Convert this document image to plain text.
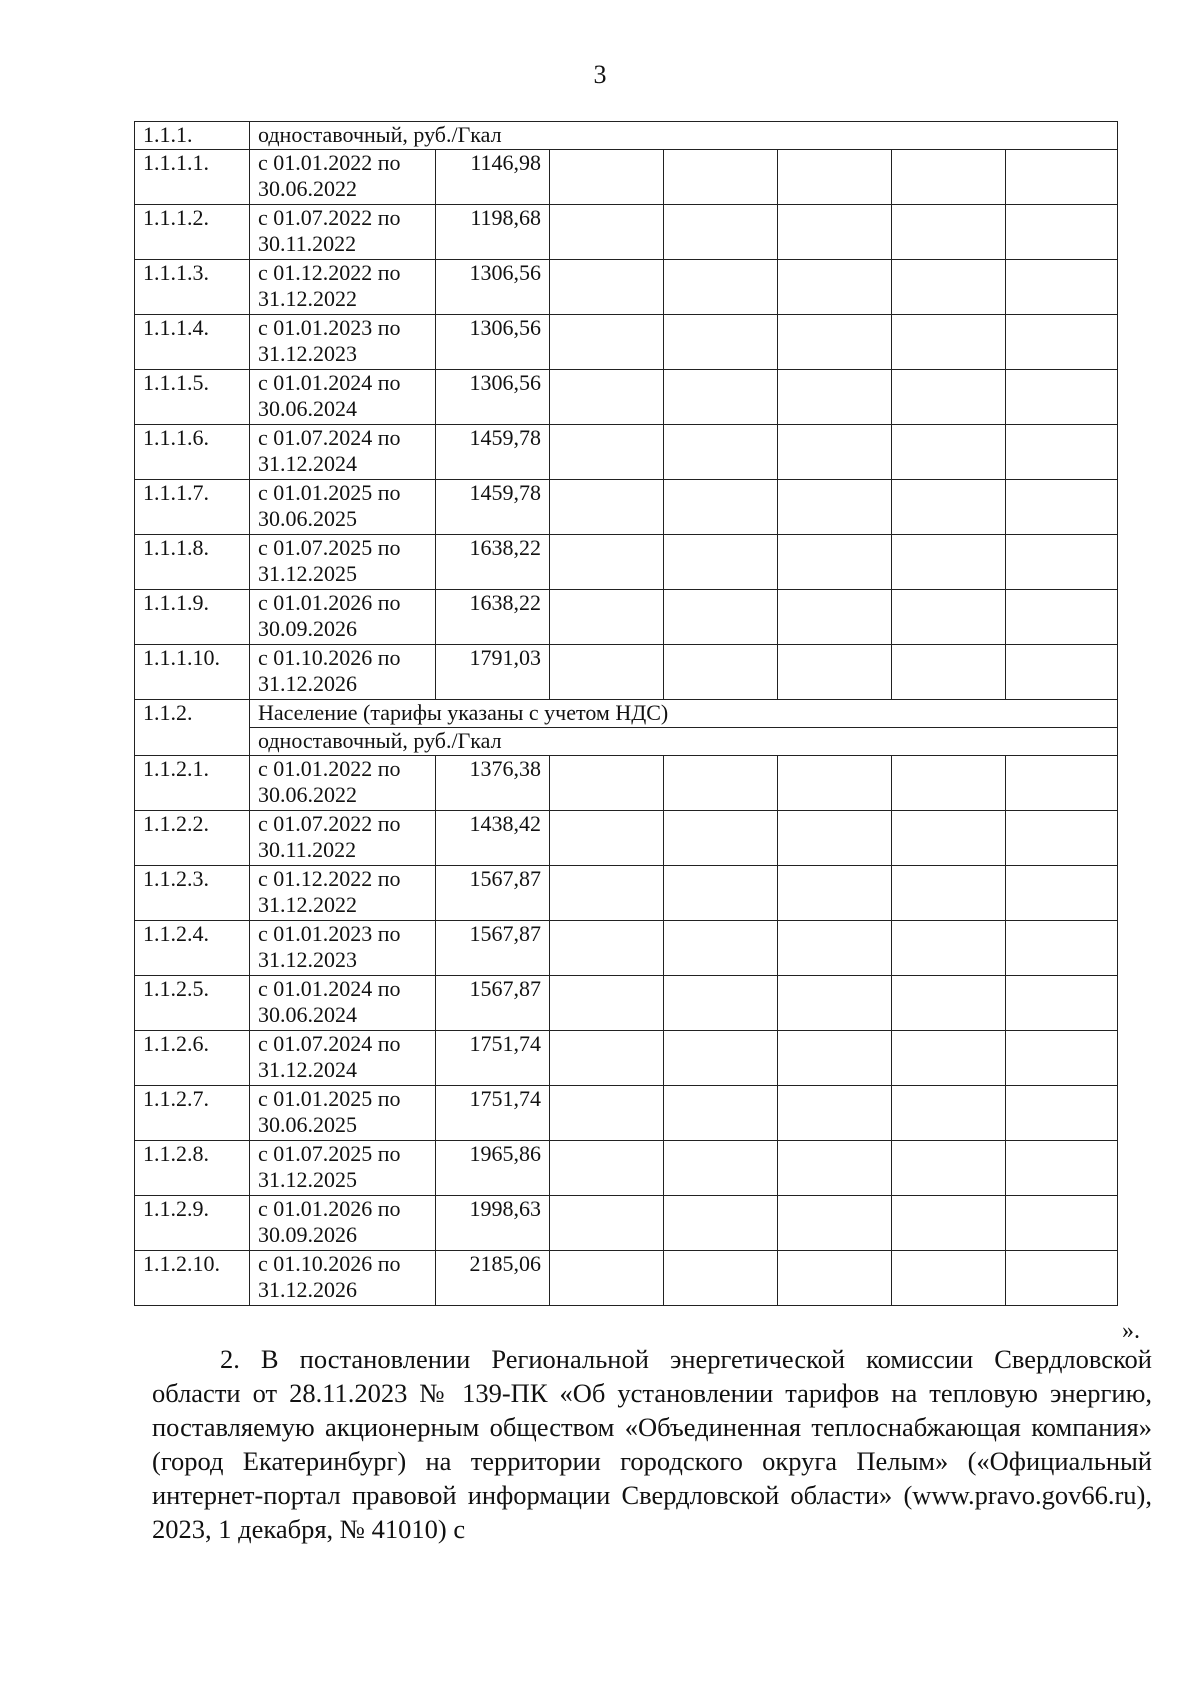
3
1.1.1.	одноставочный, руб./Гкал						
1.1.1.1.	с 01.01.2022 по 30.06.2022	1146,98					
1.1.1.2.	с 01.07.2022 по 30.11.2022	1198,68					
1.1.1.3.	с 01.12.2022 по 31.12.2022	1306,56					
1.1.1.4.	с 01.01.2023 по 31.12.2023	1306,56					
1.1.1.5.	с 01.01.2024 по 30.06.2024	1306,56					
1.1.1.6.	с 01.07.2024 по 31.12.2024	1459,78					
1.1.1.7.	с 01.01.2025 по 30.06.2025	1459,78					
1.1.1.8.	с 01.07.2025 по 31.12.2025	1638,22					
1.1.1.9.	с 01.01.2026 по 30.09.2026	1638,22					
1.1.1.10.	с 01.10.2026 по 31.12.2026	1791,03					
1.1.2.	Население (тарифы указаны с учетом НДС)						
	одноставочный, руб./Гкал						
1.1.2.1.	с 01.01.2022 по 30.06.2022	1376,38					
1.1.2.2.	с 01.07.2022 по 30.11.2022	1438,42					
1.1.2.3.	с 01.12.2022 по 31.12.2022	1567,87					
1.1.2.4.	с 01.01.2023 по 31.12.2023	1567,87					
1.1.2.5.	с 01.01.2024 по 30.06.2024	1567,87					
1.1.2.6.	с 01.07.2024 по 31.12.2024	1751,74					
1.1.2.7.	с 01.01.2025 по 30.06.2025	1751,74					
1.1.2.8.	с 01.07.2025 по 31.12.2025	1965,86					
1.1.2.9.	с 01.01.2026 по 30.09.2026	1998,63					
1.1.2.10.	с 01.10.2026 по 31.12.2026	2185,06					
».

2. В постановлении Региональной энергетической комиссии Свердловской области от 28.11.2023 № 139-ПК «Об установлении тарифов на тепловую энергию, поставляемую акционерным обществом «Объединенная теплоснабжающая компания» (город Екатеринбург) на территории городского округа Пелым» («Официальный интернет-портал правовой информации Свердловской области» (www.pravo.gov66.ru), 2023, 1 декабря, № 41010) с
